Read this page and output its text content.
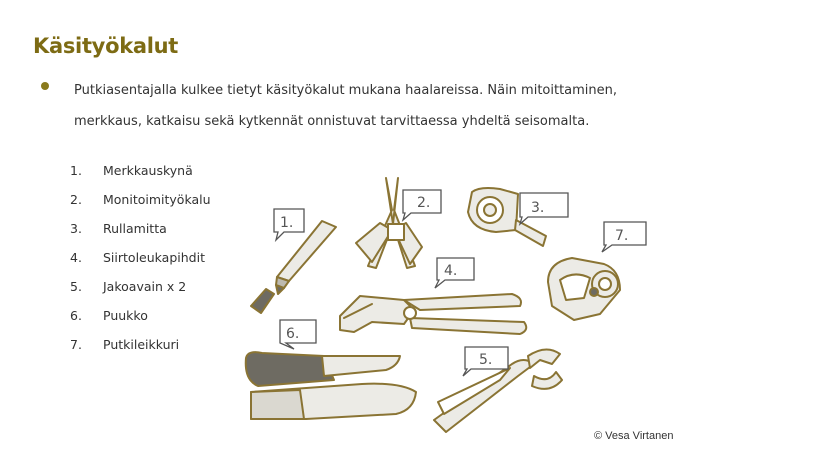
Käsityökalut
Putkiasentajalla kulkee tietyt käsityökalut mukana haalareissa. Näin mitoittaminen, merkkaus, katkaisu sekä kytkennät onnistuvat tarvittaessa yhdeltä seisomalta.
1.	Merkkauskynä
2.	Monitoimityökalu
3.	Rullamitta
4.	Siirtoleukapihdit
5.	Jakoavain x 2
6.	Puukko
7.	Putkileikkuri
1.
2.	3.
4.
5.
6.
7.
© Vesa Virtanen
